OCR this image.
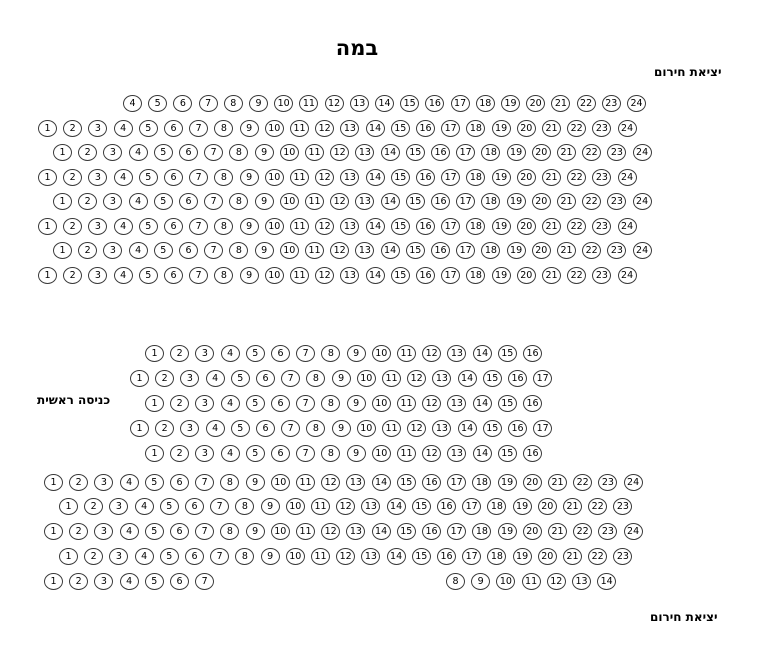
במה
יציאת חירום
כניסה ראשית
יציאת חירום
4	5	6	7	8	9	10	11	12	13	14	15	16	17	18	19	20	21	22	23	24
1	2	3	4	5	6	7	8	9	10	11	12	13	14	15	16	17	18	19	20	21	22	23	24
1	2	3	4	5	6	7	8	9	10	11	12	13	14	15	16	17	18	19	20	21	22	23	24
1	2	3	4	5	6	7	8	9	10	11	12	13	14	15	16	17	18	19	20	21	22	23	24
1	2	3	4	5	6	7	8	9	10	11	12	13	14	15	16	17	18	19	20	21	22	23	24
1	2	3	4	5	6	7	8	9	10	11	12	13	14	15	16	17	18	19	20	21	22	23	24
1	2	3	4	5	6	7	8	9	10	11	12	13	14	15	16	17	18	19	20	21	22	23	24
1	2	3	4	5	6	7	8	9	10	11	12	13	14	15	16	17	18	19	20	21	22	23	24
1	2	3	4	5	6	7	8	9	10	11	12	13	14	15	16
1	2	3	4	5	6	7	8	9	10	11	12	13	14	15	16	17
1	2	3	4	5	6	7	8	9	10	11	12	13	14	15	16
1	2	3	4	5	6	7	8	9	10	11	12	13	14	15	16	17
1	2	3	4	5	6	7	8	9	10	11	12	13	14	15	16
1	2	3	4	5	6	7	8	9	10	11	12	13	14	15	16	17	18	19	20	21	22	23	24
1	2	3	4	5	6	7	8	9	10	11	12	13	14	15	16	17	18	19	20	21	22	23
1	2	3	4	5	6	7	8	9	10	11	12	13	14	15	16	17	18	19	20	21	22	23	24
1	2	3	4	5	6	7	8	9	10	11	12	13	14	15	16	17	18	19	20	21	22	23
1	2	3	4	5	6	7	8	9	10	11	12	13	14
